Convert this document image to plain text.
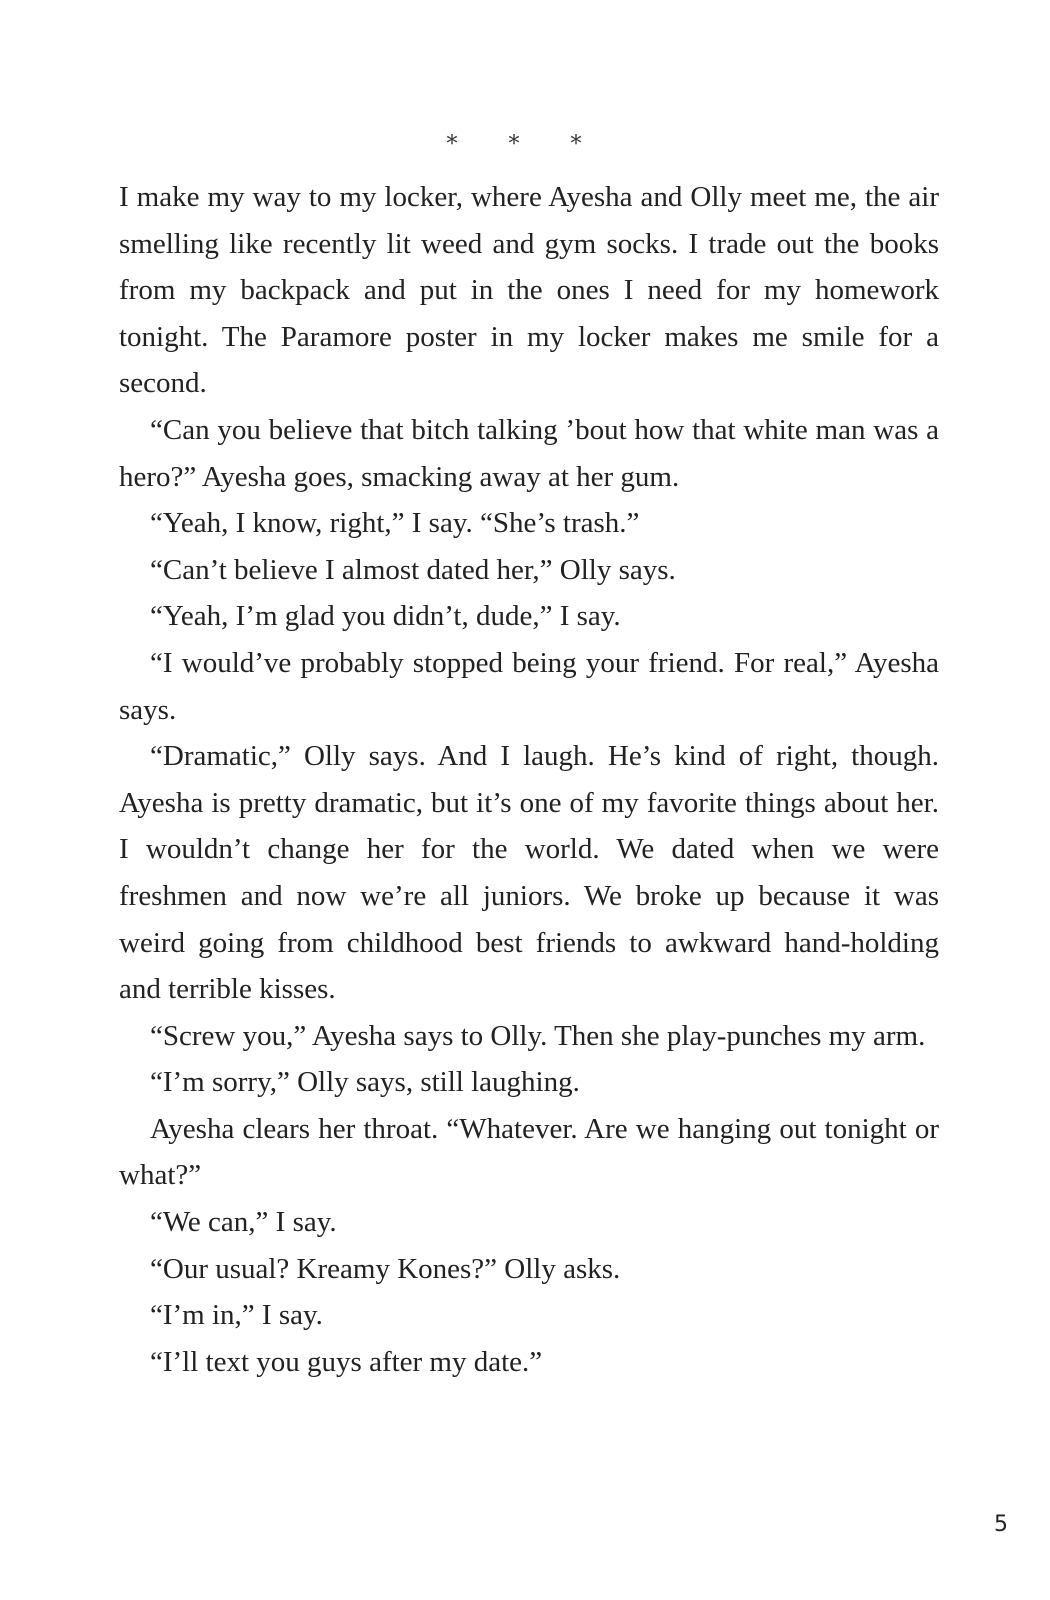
* * *

I make my way to my locker, where Ayesha and Olly meet me, the air smelling like recently lit weed and gym socks. I trade out the books from my backpack and put in the ones I need for my homework tonight. The Paramore poster in my locker makes me smile for a second.

“Can you believe that bitch talking ’bout how that white man was a hero?” Ayesha goes, smacking away at her gum.

“Yeah, I know, right,” I say. “She’s trash.”

“Can’t believe I almost dated her,” Olly says.

“Yeah, I’m glad you didn’t, dude,” I say.

“I would’ve probably stopped being your friend. For real,” Ayesha says.

“Dramatic,” Olly says. And I laugh. He’s kind of right, though. Ayesha is pretty dramatic, but it’s one of my favorite things about her. I wouldn’t change her for the world. We dated when we were freshmen and now we’re all juniors. We broke up because it was weird going from childhood best friends to awkward hand-holding and terrible kisses.

“Screw you,” Ayesha says to Olly. Then she play-punches my arm.

“I’m sorry,” Olly says, still laughing.

Ayesha clears her throat. “Whatever. Are we hanging out tonight or what?”

“We can,” I say.

“Our usual? Kreamy Kones?” Olly asks.

“I’m in,” I say.

“I’ll text you guys after my date.”

5
